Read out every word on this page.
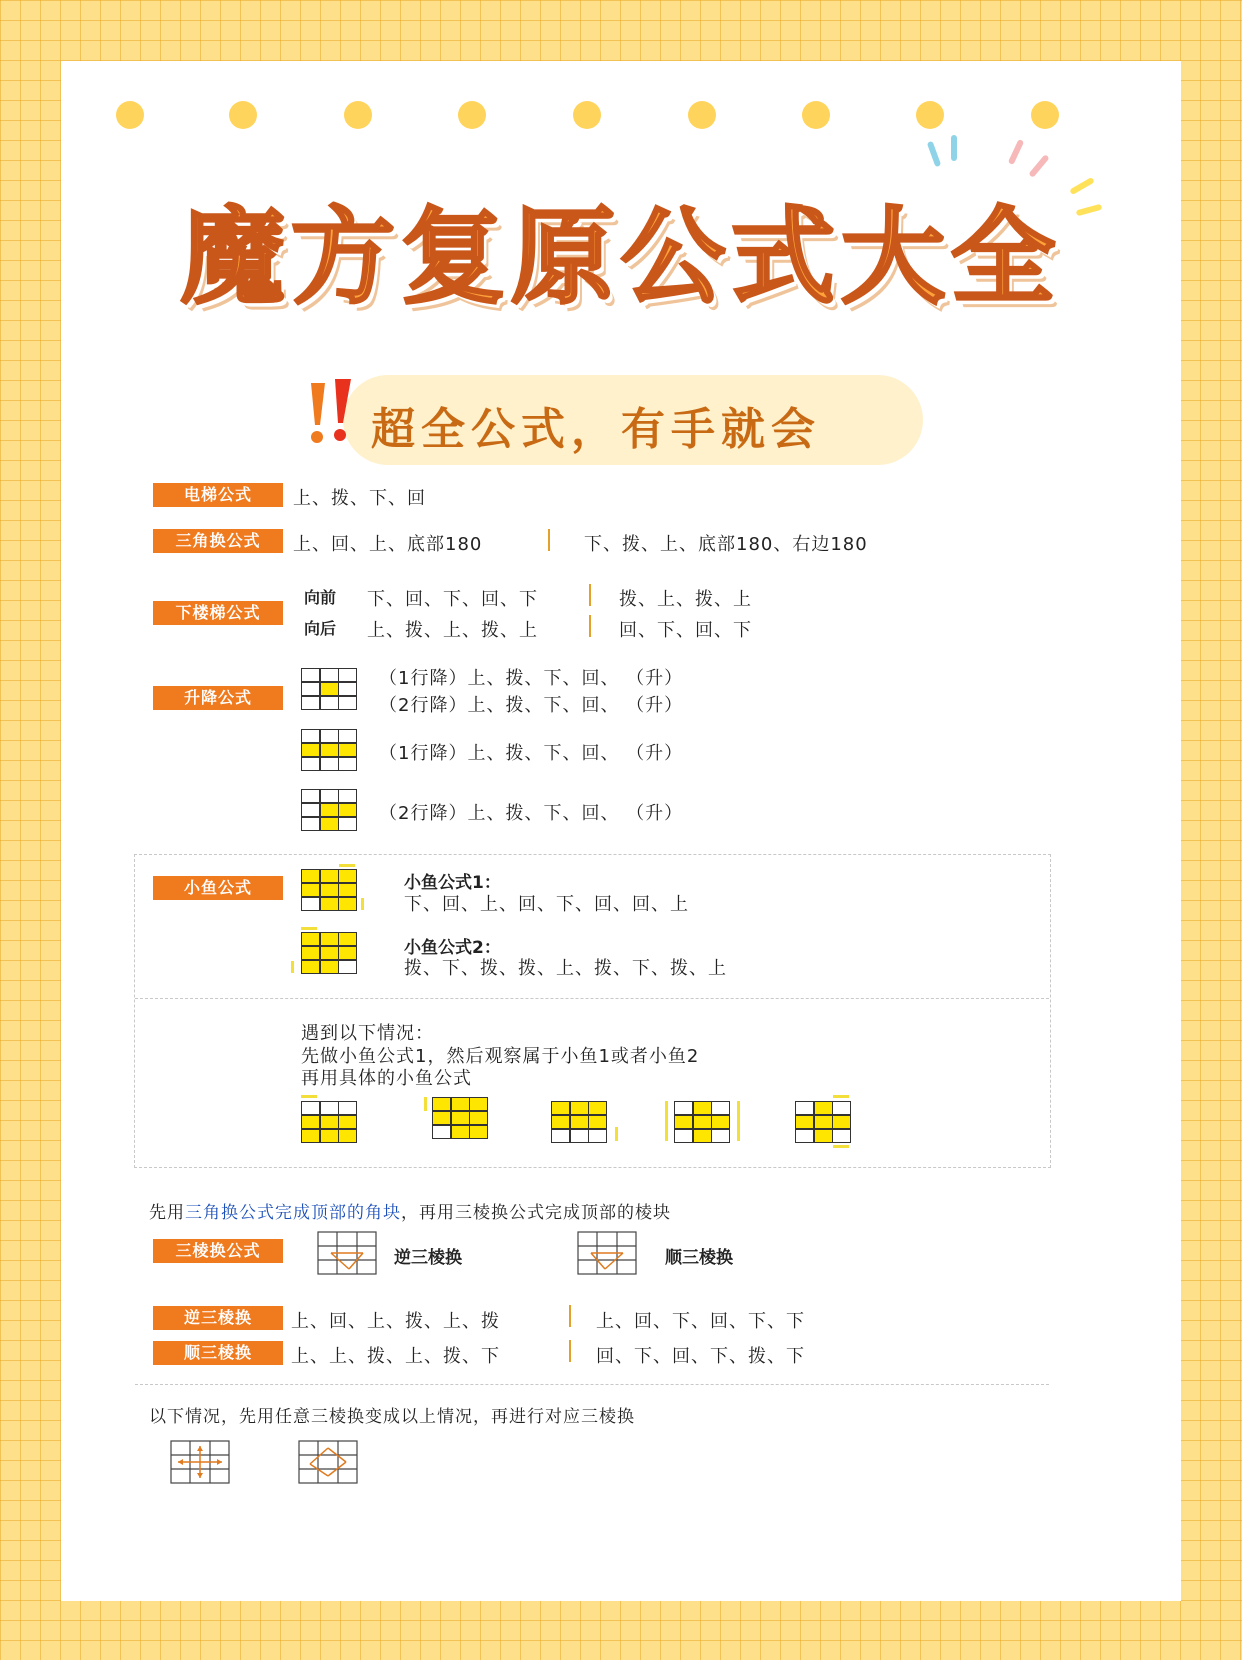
魔方复原公式大全
超全公式，有手就会
电梯公式	上、拨、下、回
三角换公式	上、回、上、底部180	下、拨、上、底部180、右边180
下楼梯公式
向前 下、回、下、回、下	拨、上、拨、上
向后 上、拨、上、拨、上	回、下、回、下
升降公式
（1行降）上、拨、下、回、 （升）
（2行降）上、拨、下、回、 （升）
（1行降）上、拨、下、回、 （升）
（2行降）上、拨、下、回、 （升）
小鱼公式	小鱼公式1：
下、回、上、回、下、回、回、上
小鱼公式2：
拨、下、拨、拨、上、拨、下、拨、上
遇到以下情况：
先做小鱼公式1，然后观察属于小鱼1或者小鱼2
再用具体的小鱼公式
先用三角换公式完成顶部的角块，再用三棱换公式完成顶部的棱块
三棱换公式	逆三棱换	顺三棱换
逆三棱换	上、回、上、拨、上、拨	上、回、下、回、下、下
顺三棱换	上、上、拨、上、拨、下	回、下、回、下、拨、下
以下情况，先用任意三棱换变成以上情况，再进行对应三棱换
